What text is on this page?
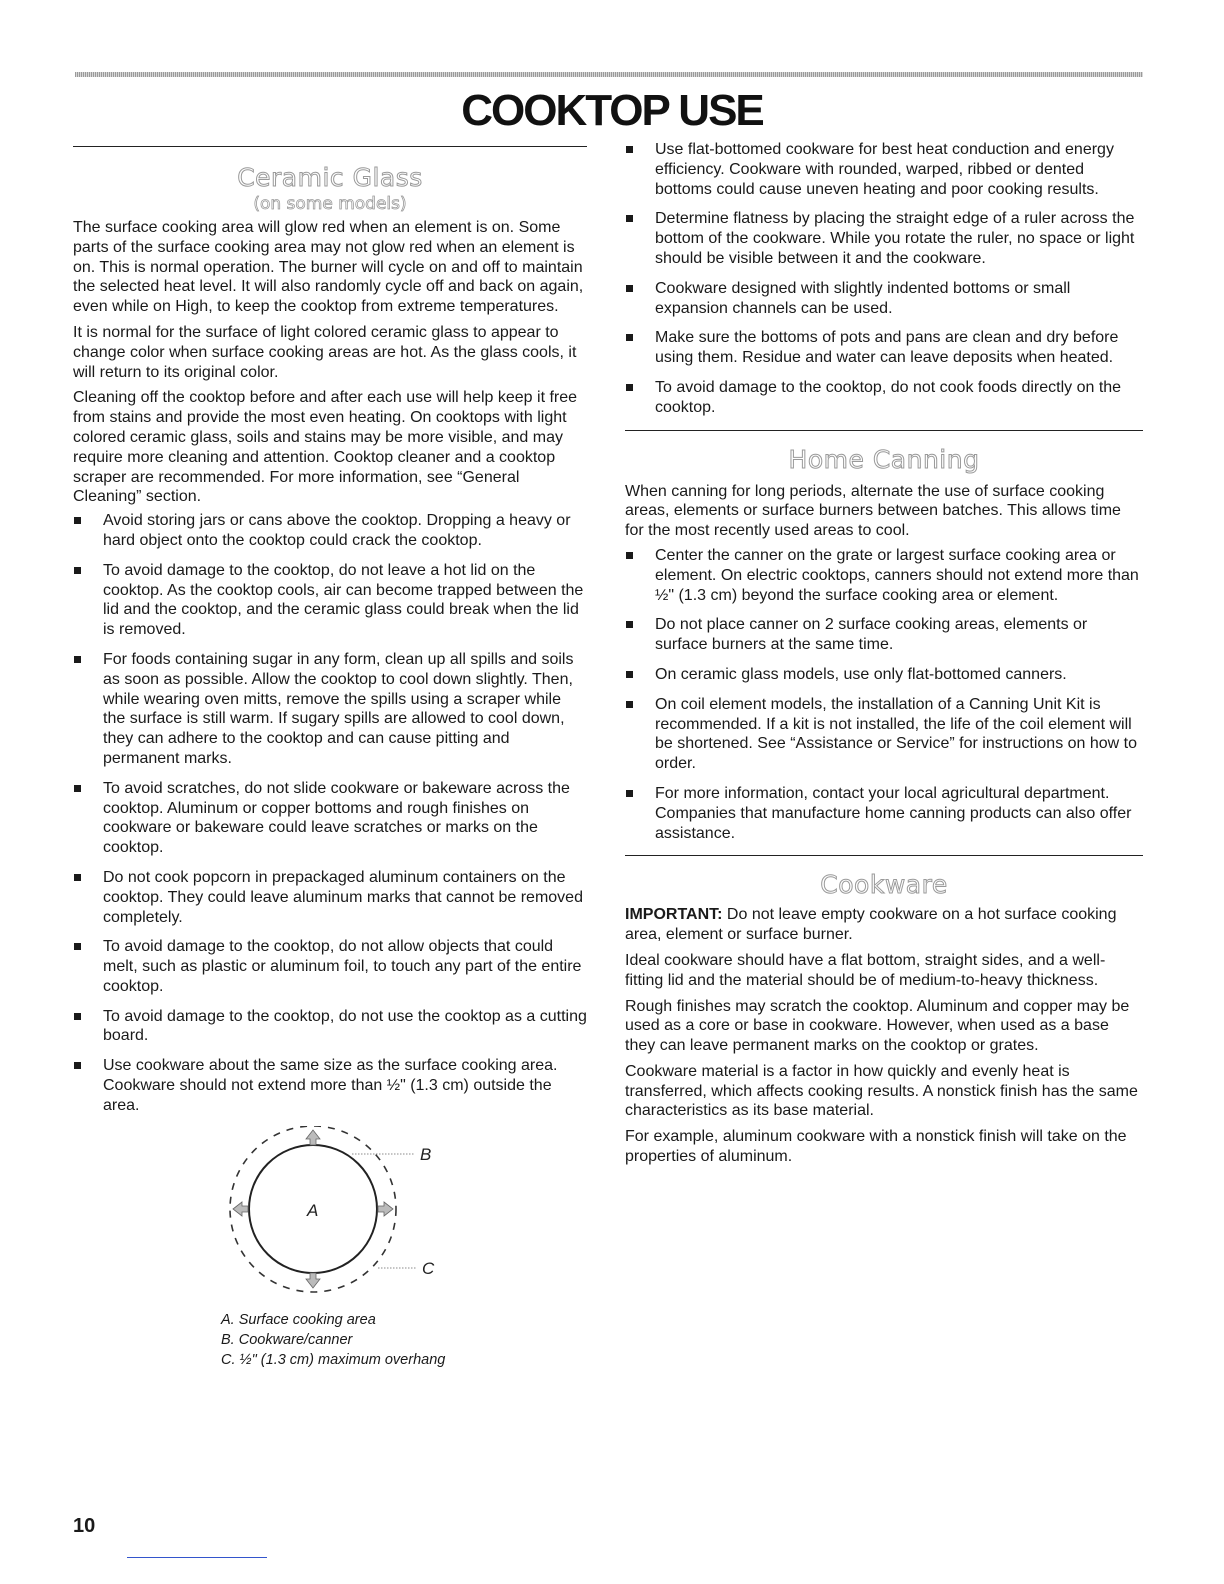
COOKTOP USE
Ceramic Glass
(on some models)

The surface cooking area will glow red when an element is on. Some parts of the surface cooking area may not glow red when an element is on. This is normal operation. The burner will cycle on and off to maintain the selected heat level. It will also randomly cycle off and back on again, even while on High, to keep the cooktop from extreme temperatures.

It is normal for the surface of light colored ceramic glass to appear to change color when surface cooking areas are hot. As the glass cools, it will return to its original color.

Cleaning off the cooktop before and after each use will help keep it free from stains and provide the most even heating. On cooktops with light colored ceramic glass, soils and stains may be more visible, and may require more cleaning and attention. Cooktop cleaner and a cooktop scraper are recommended. For more information, see “General Cleaning” section.

Avoid storing jars or cans above the cooktop. Dropping a heavy or hard object onto the cooktop could crack the cooktop.
To avoid damage to the cooktop, do not leave a hot lid on the cooktop. As the cooktop cools, air can become trapped between the lid and the cooktop, and the ceramic glass could break when the lid is removed.
For foods containing sugar in any form, clean up all spills and soils as soon as possible. Allow the cooktop to cool down slightly. Then, while wearing oven mitts, remove the spills using a scraper while the surface is still warm. If sugary spills are allowed to cool down, they can adhere to the cooktop and can cause pitting and permanent marks.
To avoid scratches, do not slide cookware or bakeware across the cooktop. Aluminum or copper bottoms and rough finishes on cookware or bakeware could leave scratches or marks on the cooktop.
Do not cook popcorn in prepackaged aluminum containers on the cooktop. They could leave aluminum marks that cannot be removed completely.
To avoid damage to the cooktop, do not allow objects that could melt, such as plastic or aluminum foil, to touch any part of the entire cooktop.
To avoid damage to the cooktop, do not use the cooktop as a cutting board.
Use cookware about the same size as the surface cooking area. Cookware should not extend more than ½" (1.3 cm) outside the area.
A
B
C
A. Surface cooking area
B. Cookware/canner
C. ½" (1.3 cm) maximum overhang
Use flat-bottomed cookware for best heat conduction and energy efficiency. Cookware with rounded, warped, ribbed or dented bottoms could cause uneven heating and poor cooking results.
Determine flatness by placing the straight edge of a ruler across the bottom of the cookware. While you rotate the ruler, no space or light should be visible between it and the cookware.
Cookware designed with slightly indented bottoms or small expansion channels can be used.
Make sure the bottoms of pots and pans are clean and dry before using them. Residue and water can leave deposits when heated.
To avoid damage to the cooktop, do not cook foods directly on the cooktop.
Home Canning

When canning for long periods, alternate the use of surface cooking areas, elements or surface burners between batches. This allows time for the most recently used areas to cool.

Center the canner on the grate or largest surface cooking area or element. On electric cooktops, canners should not extend more than ½" (1.3 cm) beyond the surface cooking area or element.
Do not place canner on 2 surface cooking areas, elements or surface burners at the same time.
On ceramic glass models, use only flat-bottomed canners.
On coil element models, the installation of a Canning Unit Kit is recommended. If a kit is not installed, the life of the coil element will be shortened. See “Assistance or Service” for instructions on how to order.
For more information, contact your local agricultural department. Companies that manufacture home canning products can also offer assistance.
Cookware

IMPORTANT: Do not leave empty cookware on a hot surface cooking area, element or surface burner.

Ideal cookware should have a flat bottom, straight sides, and a well-fitting lid and the material should be of medium-to-heavy thickness.

Rough finishes may scratch the cooktop. Aluminum and copper may be used as a core or base in cookware. However, when used as a base they can leave permanent marks on the cooktop or grates.

Cookware material is a factor in how quickly and evenly heat is transferred, which affects cooking results. A nonstick finish has the same characteristics as its base material.

For example, aluminum cookware with a nonstick finish will take on the properties of aluminum.

10
